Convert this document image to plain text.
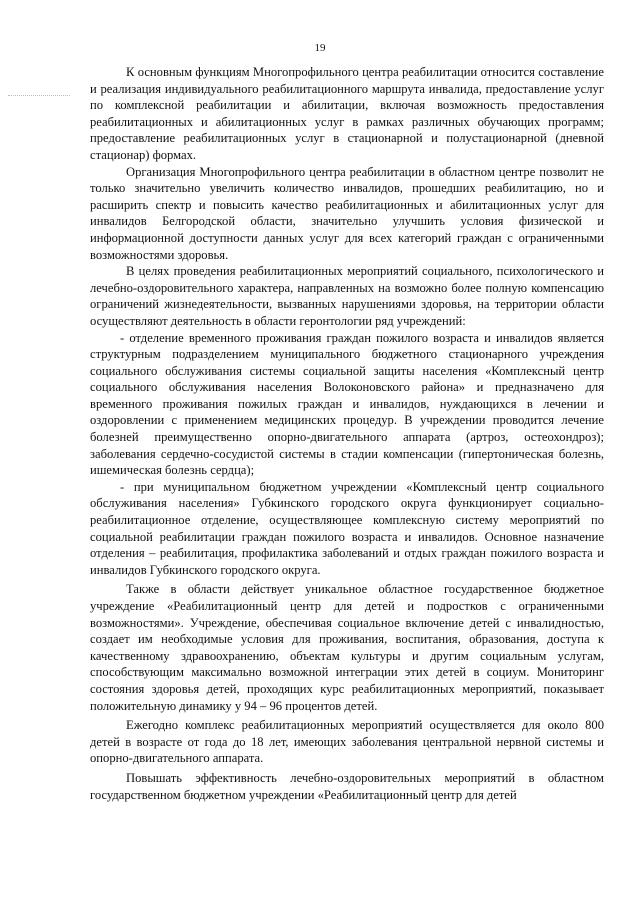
19

К основным функциям Многопрофильного центра реабилитации относится составление и реализация индивидуального реабилитационного маршрута инвалида, предоставление услуг по комплексной реабилитации и абилитации, включая возможность предоставления реабилитационных и абилитационных услуг в рамках различных обучающих программ; предоставление реабилитационных услуг в стационарной и полустационарной (дневной стационар) формах.

Организация Многопрофильного центра реабилитации в областном центре позволит не только значительно увеличить количество инвалидов, прошедших реабилитацию, но и расширить спектр и повысить качество реабилитационных и абилитационных услуг для инвалидов Белгородской области, значительно улучшить условия физической и информационной доступности данных услуг для всех категорий граждан с ограниченными возможностями здоровья.

В целях проведения реабилитационных мероприятий социального, психологического и лечебно-оздоровительного характера, направленных на возможно более полную компенсацию ограничений жизнедеятельности, вызванных нарушениями здоровья, на территории области осуществляют деятельность в области геронтологии ряд учреждений:

- отделение временного проживания граждан пожилого возраста и инвалидов является структурным подразделением муниципального бюджетного стационарного учреждения социального обслуживания системы социальной защиты населения «Комплексный центр социального обслуживания населения Волоконовского района» и предназначено для временного проживания пожилых граждан и инвалидов, нуждающихся в лечении и оздоровлении с применением медицинских процедур. В учреждении проводится лечение болезней преимущественно опорно-двигательного аппарата (артроз, остеохондроз); заболевания сердечно-сосудистой системы в стадии компенсации (гипертоническая болезнь, ишемическая болезнь сердца);

- при муниципальном бюджетном учреждении «Комплексный центр социального обслуживания населения» Губкинского городского округа функционирует социально-реабилитационное отделение, осуществляющее комплексную систему мероприятий по социальной реабилитации граждан пожилого возраста и инвалидов. Основное назначение отделения – реабилитация, профилактика заболеваний и отдых граждан пожилого возраста и инвалидов Губкинского городского округа.

Также в области действует уникальное областное государственное бюджетное учреждение «Реабилитационный центр для детей и подростков с ограниченными возможностями». Учреждение, обеспечивая социальное включение детей с инвалидностью, создает им необходимые условия для проживания, воспитания, образования, доступа к качественному здравоохранению, объектам культуры и другим социальным услугам, способствующим максимально возможной интеграции этих детей в социум. Мониторинг состояния здоровья детей, проходящих курс реабилитационных мероприятий, показывает положительную динамику у 94 – 96 процентов детей.

Ежегодно комплекс реабилитационных мероприятий осуществляется для около 800 детей в возрасте от года до 18 лет, имеющих заболевания центральной нервной системы и опорно-двигательного аппарата.

Повышать эффективность лечебно-оздоровительных мероприятий в областном государственном бюджетном учреждении «Реабилитационный центр для детей
